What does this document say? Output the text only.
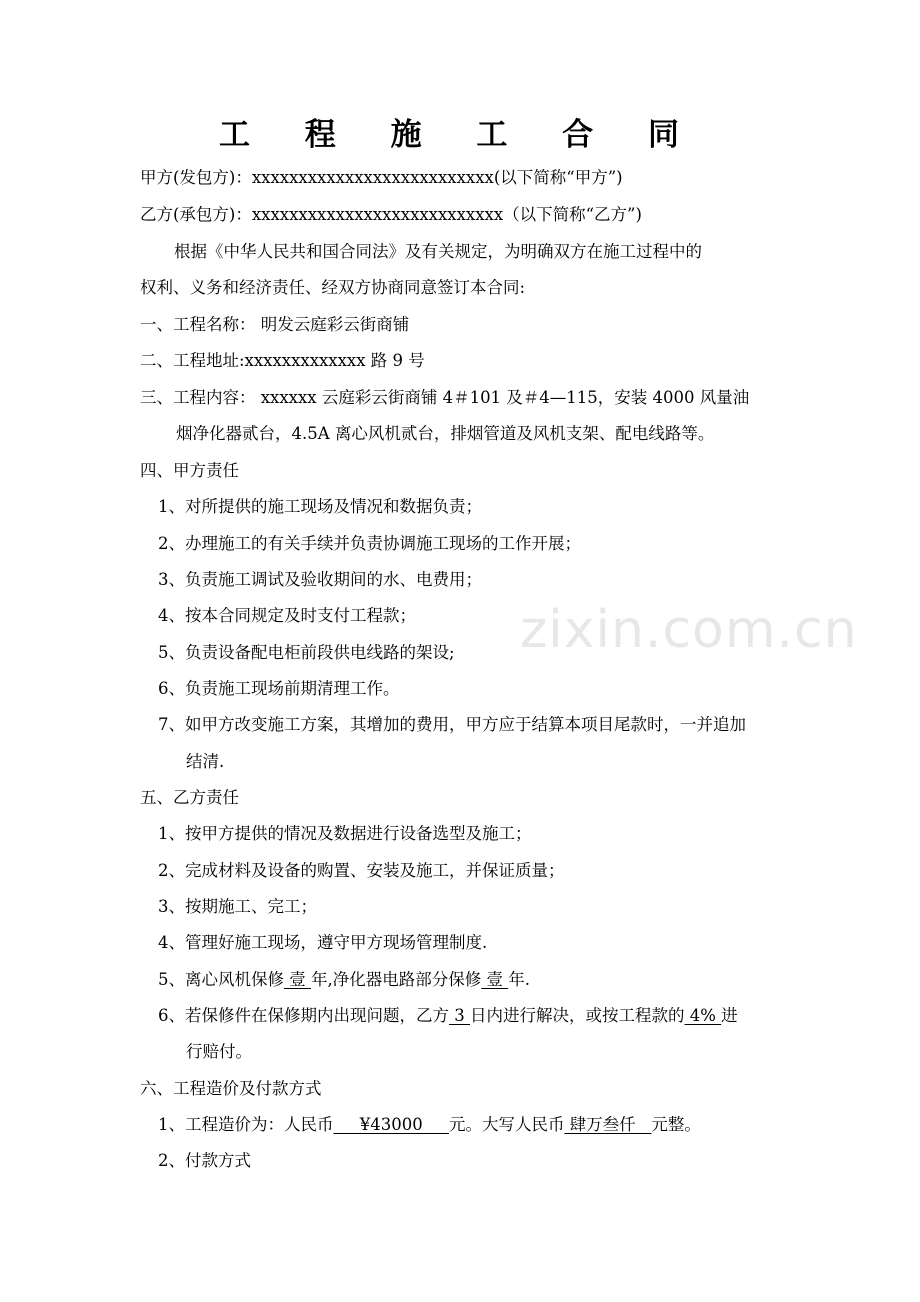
工 程 施 工 合 同
甲方(发包方)：xxxxxxxxxxxxxxxxxxxxxxxxxx(以下简称“甲方”)
乙方(承包方)：xxxxxxxxxxxxxxxxxxxxxxxxxxx（以下简称“乙方”)
根据《中华人民共和国合同法》及有关规定，为明确双方在施工过程中的
权利、义务和经济责任、经双方协商同意签订本合同:
一、工程名称： 明发云庭彩云街商铺
二、工程地址:xxxxxxxxxxxxx 路 9 号
三、工程内容： xxxxxx 云庭彩云街商铺 4＃101 及＃4—115，安装 4000 风量油
烟净化器贰台，4.5A 离心风机贰台，排烟管道及风机支架、配电线路等。
四、甲方责任
1、对所提供的施工现场及情况和数据负责；
2、办理施工的有关手续并负责协调施工现场的工作开展；
3、负责施工调试及验收期间的水、电费用；
4、按本合同规定及时支付工程款；
5、负责设备配电柜前段供电线路的架设;
6、负责施工现场前期清理工作。
7、如甲方改变施工方案，其增加的费用，甲方应于结算本项目尾款时，一并追加
结清.
五、乙方责任
1、按甲方提供的情况及数据进行设备选型及施工；
2、完成材料及设备的购置、安装及施工，并保证质量；
3、按期施工、完工；
4、管理好施工现场，遵守甲方现场管理制度.
5、离心风机保修 壹 年,净化器电路部分保修 壹 年.
6、若保修件在保修期内出现问题，乙方 3 日内进行解决，或按工程款的 4% 进
行赔付。
六、工程造价及付款方式
1、工程造价为：人民币     ¥43000     元。大写人民币 肆万叁仟   元整。
2、付款方式
zixin.com.cn
